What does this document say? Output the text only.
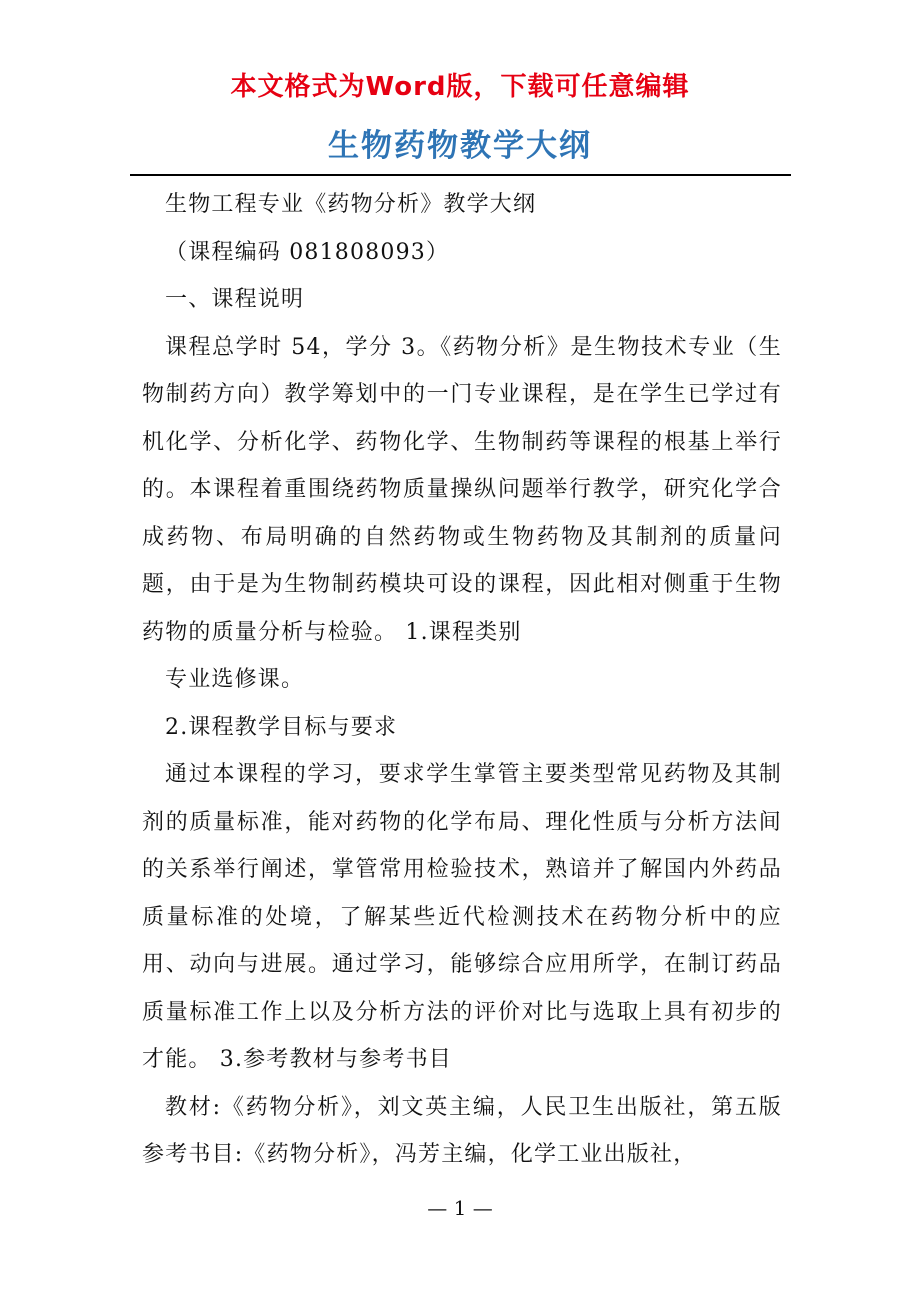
本文格式为Word版，下载可任意编辑
生物药物教学大纲

生物工程专业《药物分析》教学大纲

（课程编码 081808093）

一、课程说明

课程总学时 54，学分 3。《药物分析》是生物技术专业（生物制药方向）教学筹划中的一门专业课程，是在学生已学过有机化学、分析化学、药物化学、生物制药等课程的根基上举行的。本课程着重围绕药物质量操纵问题举行教学，研究化学合成药物、布局明确的自然药物或生物药物及其制剂的质量问题，由于是为生物制药模块可设的课程，因此相对侧重于生物药物的质量分析与检验。 1.课程类别

专业选修课。

2.课程教学目标与要求

通过本课程的学习，要求学生掌管主要类型常见药物及其制剂的质量标准，能对药物的化学布局、理化性质与分析方法间的关系举行阐述，掌管常用检验技术，熟谙并了解国内外药品质量标准的处境，了解某些近代检测技术在药物分析中的应用、动向与进展。通过学习，能够综合应用所学，在制订药品质量标准工作上以及分析方法的评价对比与选取上具有初步的才能。 3.参考教材与参考书目

教材:《药物分析》，刘文英主编，人民卫生出版社，第五版 参考书目:《药物分析》，冯芳主编，化学工业出版社，

— 1 —
